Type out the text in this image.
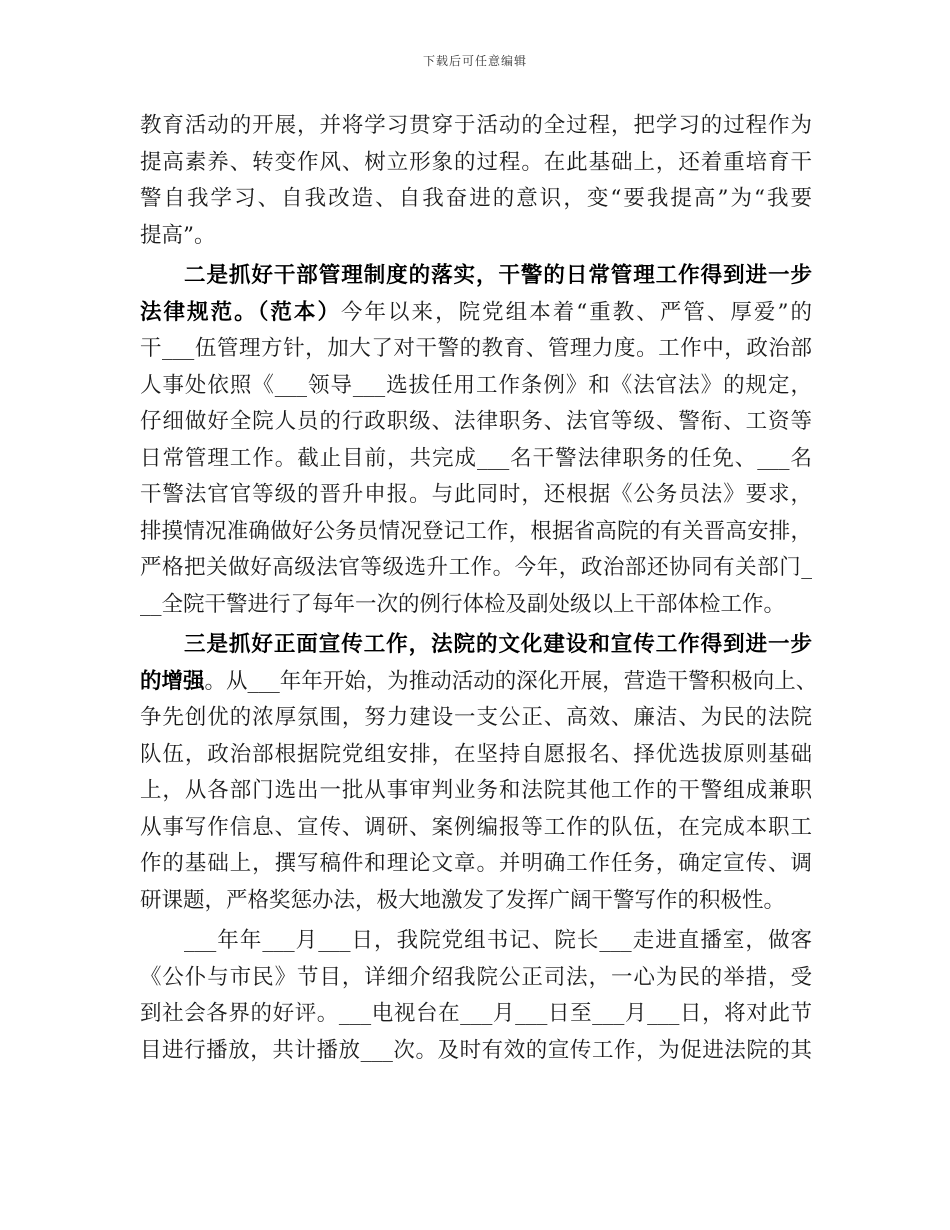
下载后可任意编辑
教育活动的开展，并将学习贯穿于活动的全过程，把学习的过程作为
提高素养、转变作风、树立形象的过程。在此基础上，还着重培育干
警自我学习、自我改造、自我奋进的意识，变“要我提高”为“我要
提高”。
二是抓好干部管理制度的落实，干警的日常管理工作得到进一步
法律规范。（范本）今年以来，院党组本着“重教、严管、厚爱”的
干___伍管理方针，加大了对干警的教育、管理力度。工作中，政治部
人事处依照《___领导___选拔任用工作条例》和《法官法》的规定，
仔细做好全院人员的行政职级、法律职务、法官等级、警衔、工资等
日常管理工作。截止目前，共完成___名干警法律职务的任免、___名
干警法官官等级的晋升申报。与此同时，还根据《公务员法》要求，
排摸情况准确做好公务员情况登记工作，根据省高院的有关晋高安排，
严格把关做好高级法官等级选升工作。今年，政治部还协同有关部门_
__全院干警进行了每年一次的例行体检及副处级以上干部体检工作。
三是抓好正面宣传工作，法院的文化建设和宣传工作得到进一步
的增强。从___年年开始，为推动活动的深化开展，营造干警积极向上、
争先创优的浓厚氛围，努力建设一支公正、高效、廉洁、为民的法院
队伍，政治部根据院党组安排，在坚持自愿报名、择优选拔原则基础
上，从各部门选出一批从事审判业务和法院其他工作的干警组成兼职
从事写作信息、宣传、调研、案例编报等工作的队伍，在完成本职工
作的基础上，撰写稿件和理论文章。并明确工作任务，确定宣传、调
研课题，严格奖惩办法，极大地激发了发挥广阔干警写作的积极性。
___年年___月___日，我院党组书记、院长___走进直播室，做客
《公仆与市民》节目，详细介绍我院公正司法，一心为民的举措，受
到社会各界的好评。___电视台在___月___日至___月___日，将对此节
目进行播放，共计播放___次。及时有效的宣传工作，为促进法院的其
